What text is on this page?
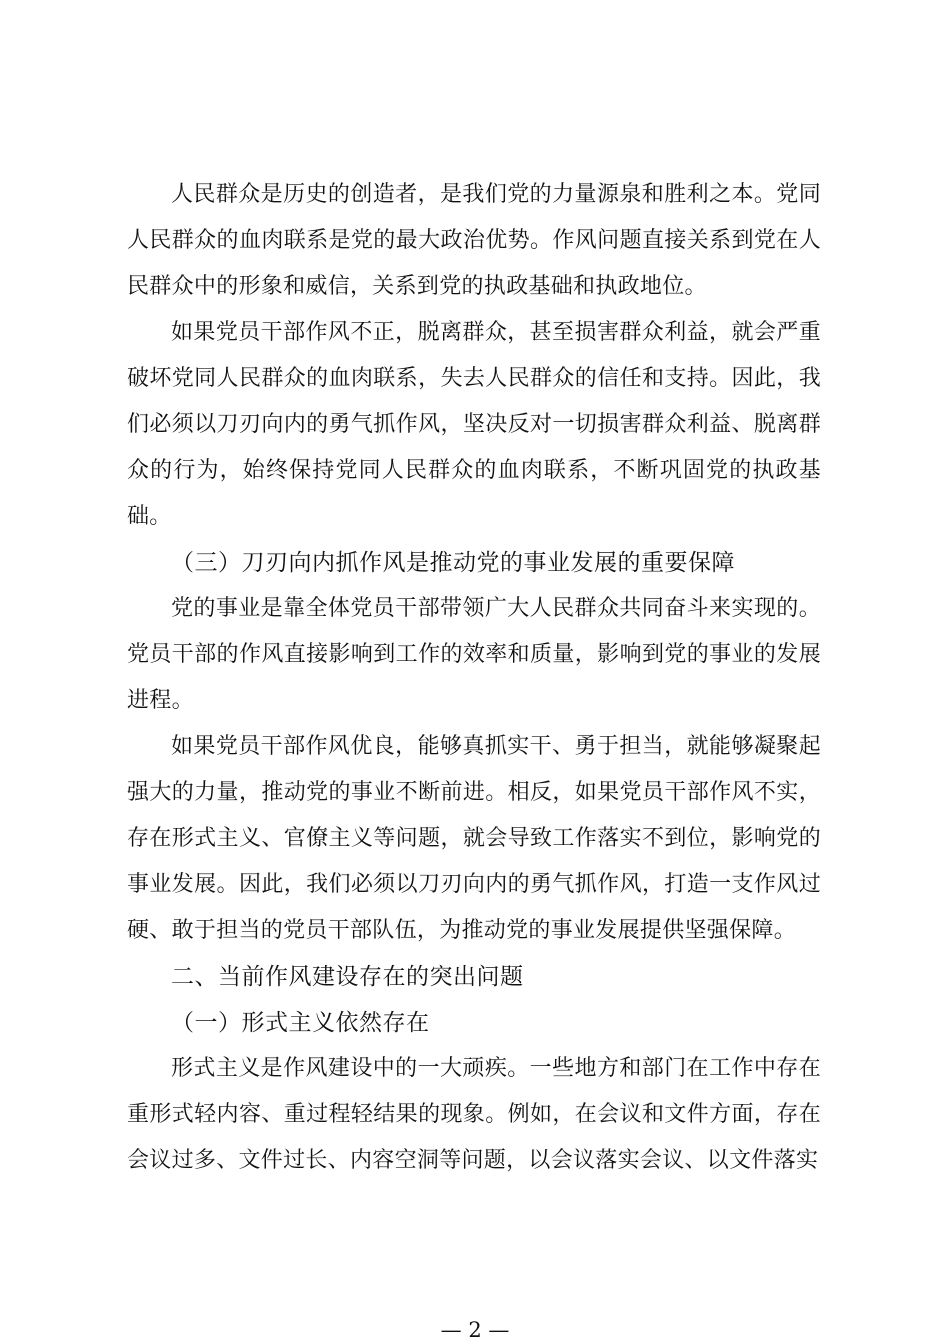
人民群众是历史的创造者，是我们党的力量源泉和胜利之本。党同人民群众的血肉联系是党的最大政治优势。作风问题直接关系到党在人民群众中的形象和威信，关系到党的执政基础和执政地位。

如果党员干部作风不正，脱离群众，甚至损害群众利益，就会严重破坏党同人民群众的血肉联系，失去人民群众的信任和支持。因此，我们必须以刀刃向内的勇气抓作风，坚决反对一切损害群众利益、脱离群众的行为，始终保持党同人民群众的血肉联系，不断巩固党的执政基础。

（三）刀刃向内抓作风是推动党的事业发展的重要保障

党的事业是靠全体党员干部带领广大人民群众共同奋斗来实现的。党员干部的作风直接影响到工作的效率和质量，影响到党的事业的发展进程。

如果党员干部作风优良，能够真抓实干、勇于担当，就能够凝聚起强大的力量，推动党的事业不断前进。相反，如果党员干部作风不实，存在形式主义、官僚主义等问题，就会导致工作落实不到位，影响党的事业发展。因此，我们必须以刀刃向内的勇气抓作风，打造一支作风过硬、敢于担当的党员干部队伍，为推动党的事业发展提供坚强保障。

二、当前作风建设存在的突出问题
（一）形式主义依然存在

形式主义是作风建设中的一大顽疾。一些地方和部门在工作中存在重形式轻内容、重过程轻结果的现象。例如，在会议和文件方面，存在会议过多、文件过长、内容空洞等问题，以会议落实会议、以文件落实

— 2 —
